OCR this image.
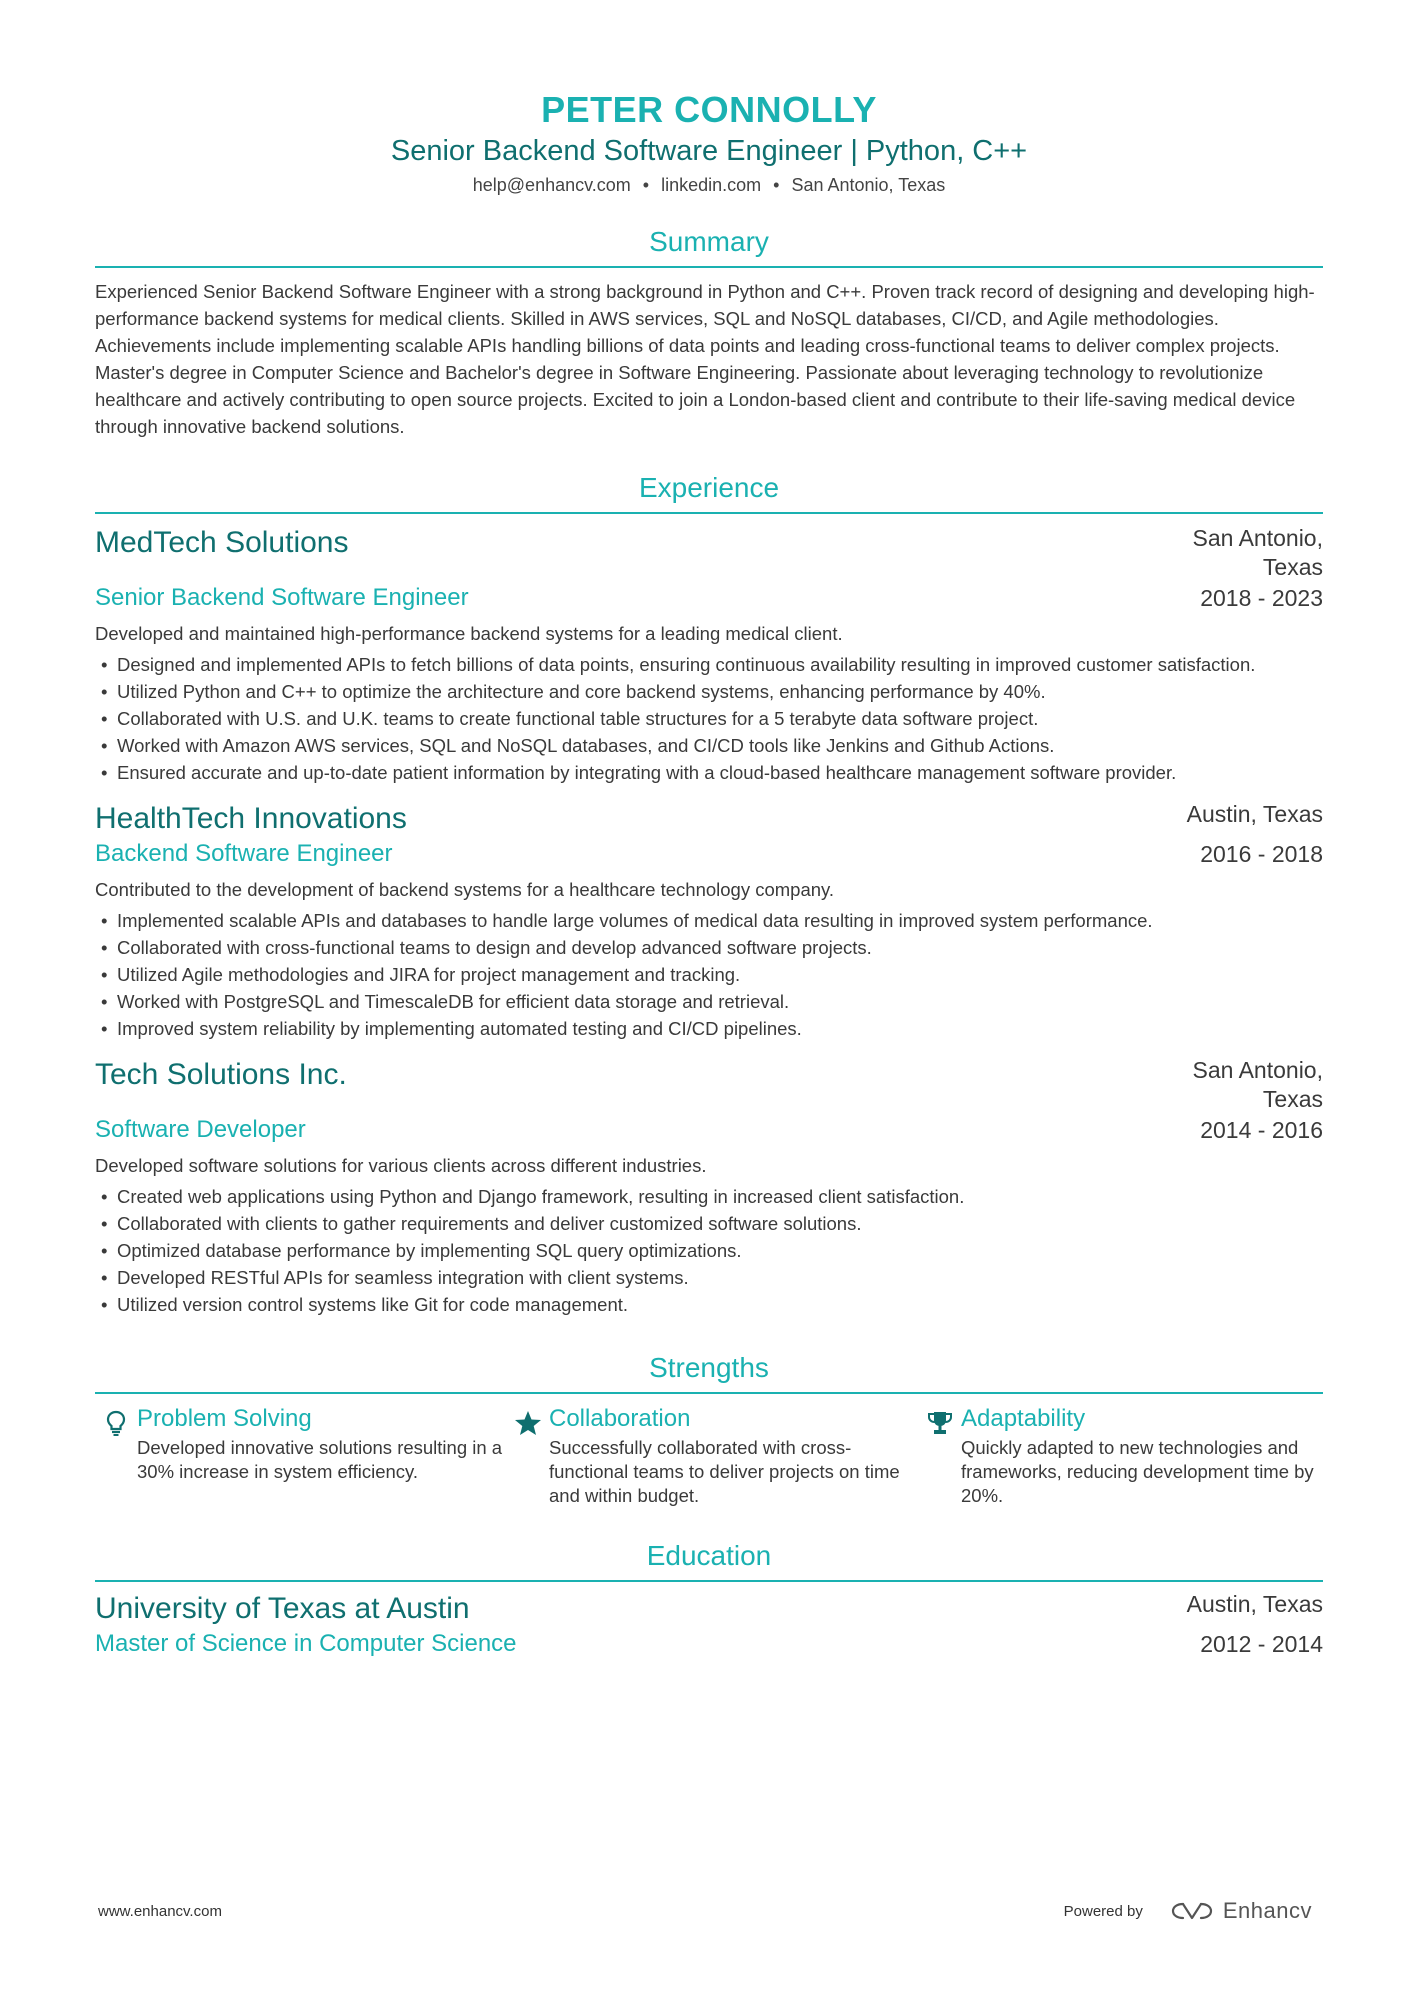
PETER CONNOLLY
Senior Backend Software Engineer | Python, C++
help@enhancv.com • linkedin.com • San Antonio, Texas
Summary
Experienced Senior Backend Software Engineer with a strong background in Python and C++. Proven track record of designing and developing high-performance backend systems for medical clients. Skilled in AWS services, SQL and NoSQL databases, CI/CD, and Agile methodologies. Achievements include implementing scalable APIs handling billions of data points and leading cross-functional teams to deliver complex projects. Master's degree in Computer Science and Bachelor's degree in Software Engineering. Passionate about leveraging technology to revolutionize healthcare and actively contributing to open source projects. Excited to join a London-based client and contribute to their life-saving medical device through innovative backend solutions.
Experience
MedTech Solutions	San Antonio, Texas
Senior Backend Software Engineer	2018 - 2023
Developed and maintained high-performance backend systems for a leading medical client.
• Designed and implemented APIs to fetch billions of data points, ensuring continuous availability resulting in improved customer satisfaction.
• Utilized Python and C++ to optimize the architecture and core backend systems, enhancing performance by 40%.
• Collaborated with U.S. and U.K. teams to create functional table structures for a 5 terabyte data software project.
• Worked with Amazon AWS services, SQL and NoSQL databases, and CI/CD tools like Jenkins and Github Actions.
• Ensured accurate and up-to-date patient information by integrating with a cloud-based healthcare management software provider.
HealthTech Innovations	Austin, Texas
Backend Software Engineer	2016 - 2018
Contributed to the development of backend systems for a healthcare technology company.
• Implemented scalable APIs and databases to handle large volumes of medical data resulting in improved system performance.
• Collaborated with cross-functional teams to design and develop advanced software projects.
• Utilized Agile methodologies and JIRA for project management and tracking.
• Worked with PostgreSQL and TimescaleDB for efficient data storage and retrieval.
• Improved system reliability by implementing automated testing and CI/CD pipelines.
Tech Solutions Inc.	San Antonio, Texas
Software Developer	2014 - 2016
Developed software solutions for various clients across different industries.
• Created web applications using Python and Django framework, resulting in increased client satisfaction.
• Collaborated with clients to gather requirements and deliver customized software solutions.
• Optimized database performance by implementing SQL query optimizations.
• Developed RESTful APIs for seamless integration with client systems.
• Utilized version control systems like Git for code management.
Strengths
Problem Solving
Developed innovative solutions resulting in a 30% increase in system efficiency.
Collaboration
Successfully collaborated with cross-functional teams to deliver projects on time and within budget.
Adaptability
Quickly adapted to new technologies and frameworks, reducing development time by 20%.
Education
University of Texas at Austin	Austin, Texas
Master of Science in Computer Science	2012 - 2014
www.enhancv.com	Powered by	Enhancv
